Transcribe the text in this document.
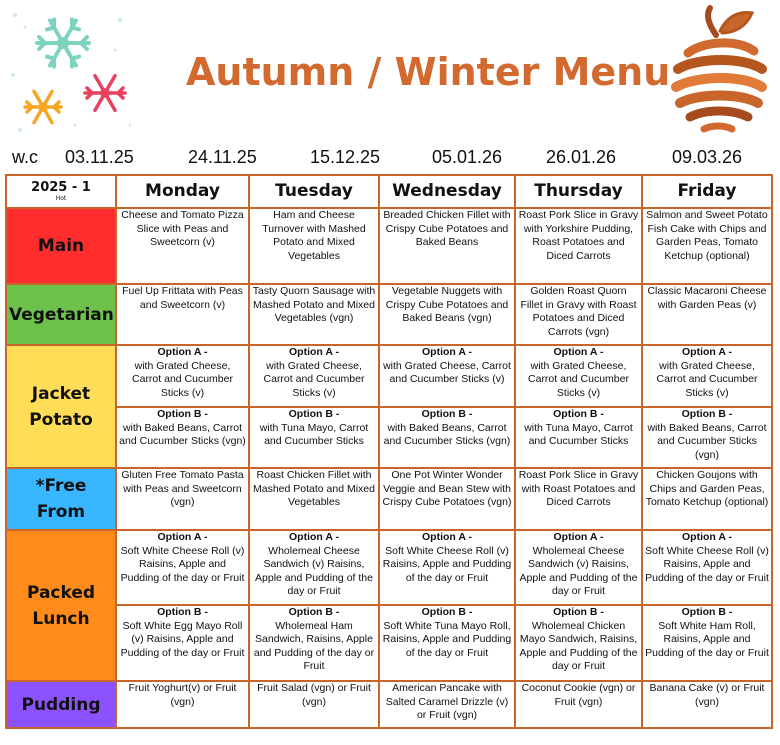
Autumn / Winter Menu
w.c 03.11.25	24.11.25	15.12.25	05.01.26 26.01.26	09.03.26
2025 - 1
Hot	Monday	Tuesday	Wednesday	Thursday	Friday
Main	Cheese and Tomato Pizza Slice with Peas and Sweetcorn (v)	Ham and Cheese Turnover with Mashed Potato and Mixed Vegetables	Breaded Chicken Fillet with Crispy Cube Potatoes and Baked Beans	Roast Pork Slice in Gravy with Yorkshire Pudding, Roast Potatoes and Diced Carrots	Salmon and Sweet Potato Fish Cake with Chips and Garden Peas, Tomato Ketchup (optional)
Vegetarian	Fuel Up Frittata with Peas and Sweetcorn (v)	Tasty Quorn Sausage with Mashed Potato and Mixed Vegetables (vgn)	Vegetable Nuggets with Crispy Cube Potatoes and Baked Beans (vgn)	Golden Roast Quorn Fillet in Gravy with Roast Potatoes and Diced Carrots (vgn)	Classic Macaroni Cheese with Garden Peas (v)
Jacket Potato	Option A -
with Grated Cheese, Carrot and Cucumber Sticks (v)	Option A -
with Grated Cheese, Carrot and Cucumber Sticks (v)	Option A -
with Grated Cheese, Carrot and Cucumber Sticks (v)	Option A -
with Grated Cheese, Carrot and Cucumber Sticks (v)	Option A -
with Grated Cheese, Carrot and Cucumber Sticks (v)

	Option B -
with Baked Beans, Carrot and Cucumber Sticks (vgn)	Option B -
with Tuna Mayo, Carrot and Cucumber Sticks	Option B -
with Baked Beans, Carrot and Cucumber Sticks (vgn)	Option B -
with Tuna Mayo, Carrot and Cucumber Sticks	Option B -
with Baked Beans, Carrot and Cucumber Sticks (vgn)

*Free From	Gluten Free Tomato Pasta with Peas and Sweetcorn (vgn)	Roast Chicken Fillet with Mashed Potato and Mixed Vegetables	One Pot Winter Wonder Veggie and Bean Stew with Crispy Cube Potatoes (vgn)	Roast Pork Slice in Gravy with Roast Potatoes and Diced Carrots	Chicken Goujons with Chips and Garden Peas, Tomato Ketchup (optional)
Packed Lunch	Option A -
Soft White Cheese Roll (v) Raisins, Apple and Pudding of the day or Fruit	Option A -
Wholemeal Cheese Sandwich (v) Raisins, Apple and Pudding of the day or Fruit	Option A -
Soft White Cheese Roll (v) Raisins, Apple and Pudding of the day or Fruit	Option A -
Wholemeal Cheese Sandwich (v) Raisins, Apple and Pudding of the day or Fruit	Option A -
Soft White Cheese Roll (v) Raisins, Apple and Pudding of the day or Fruit

	Option B -
Soft White Egg Mayo Roll (v) Raisins, Apple and Pudding of the day or Fruit	Option B -
Wholemeal Ham Sandwich, Raisins, Apple and Pudding of the day or Fruit	Option B -
Soft White Tuna Mayo Roll, Raisins, Apple and Pudding of the day or Fruit	Option B -
Wholemeal Chicken Mayo Sandwich, Raisins, Apple and Pudding of the day or Fruit	Option B -
Soft White Ham Roll, Raisins, Apple and Pudding of the day or Fruit

Pudding	Fruit Yoghurt(v) or Fruit (vgn)	Fruit Salad (vgn) or Fruit (vgn)	American Pancake with Salted Caramel Drizzle (v) or Fruit (vgn)	Coconut Cookie (vgn) or Fruit (vgn)	Banana Cake (v) or Fruit (vgn)
